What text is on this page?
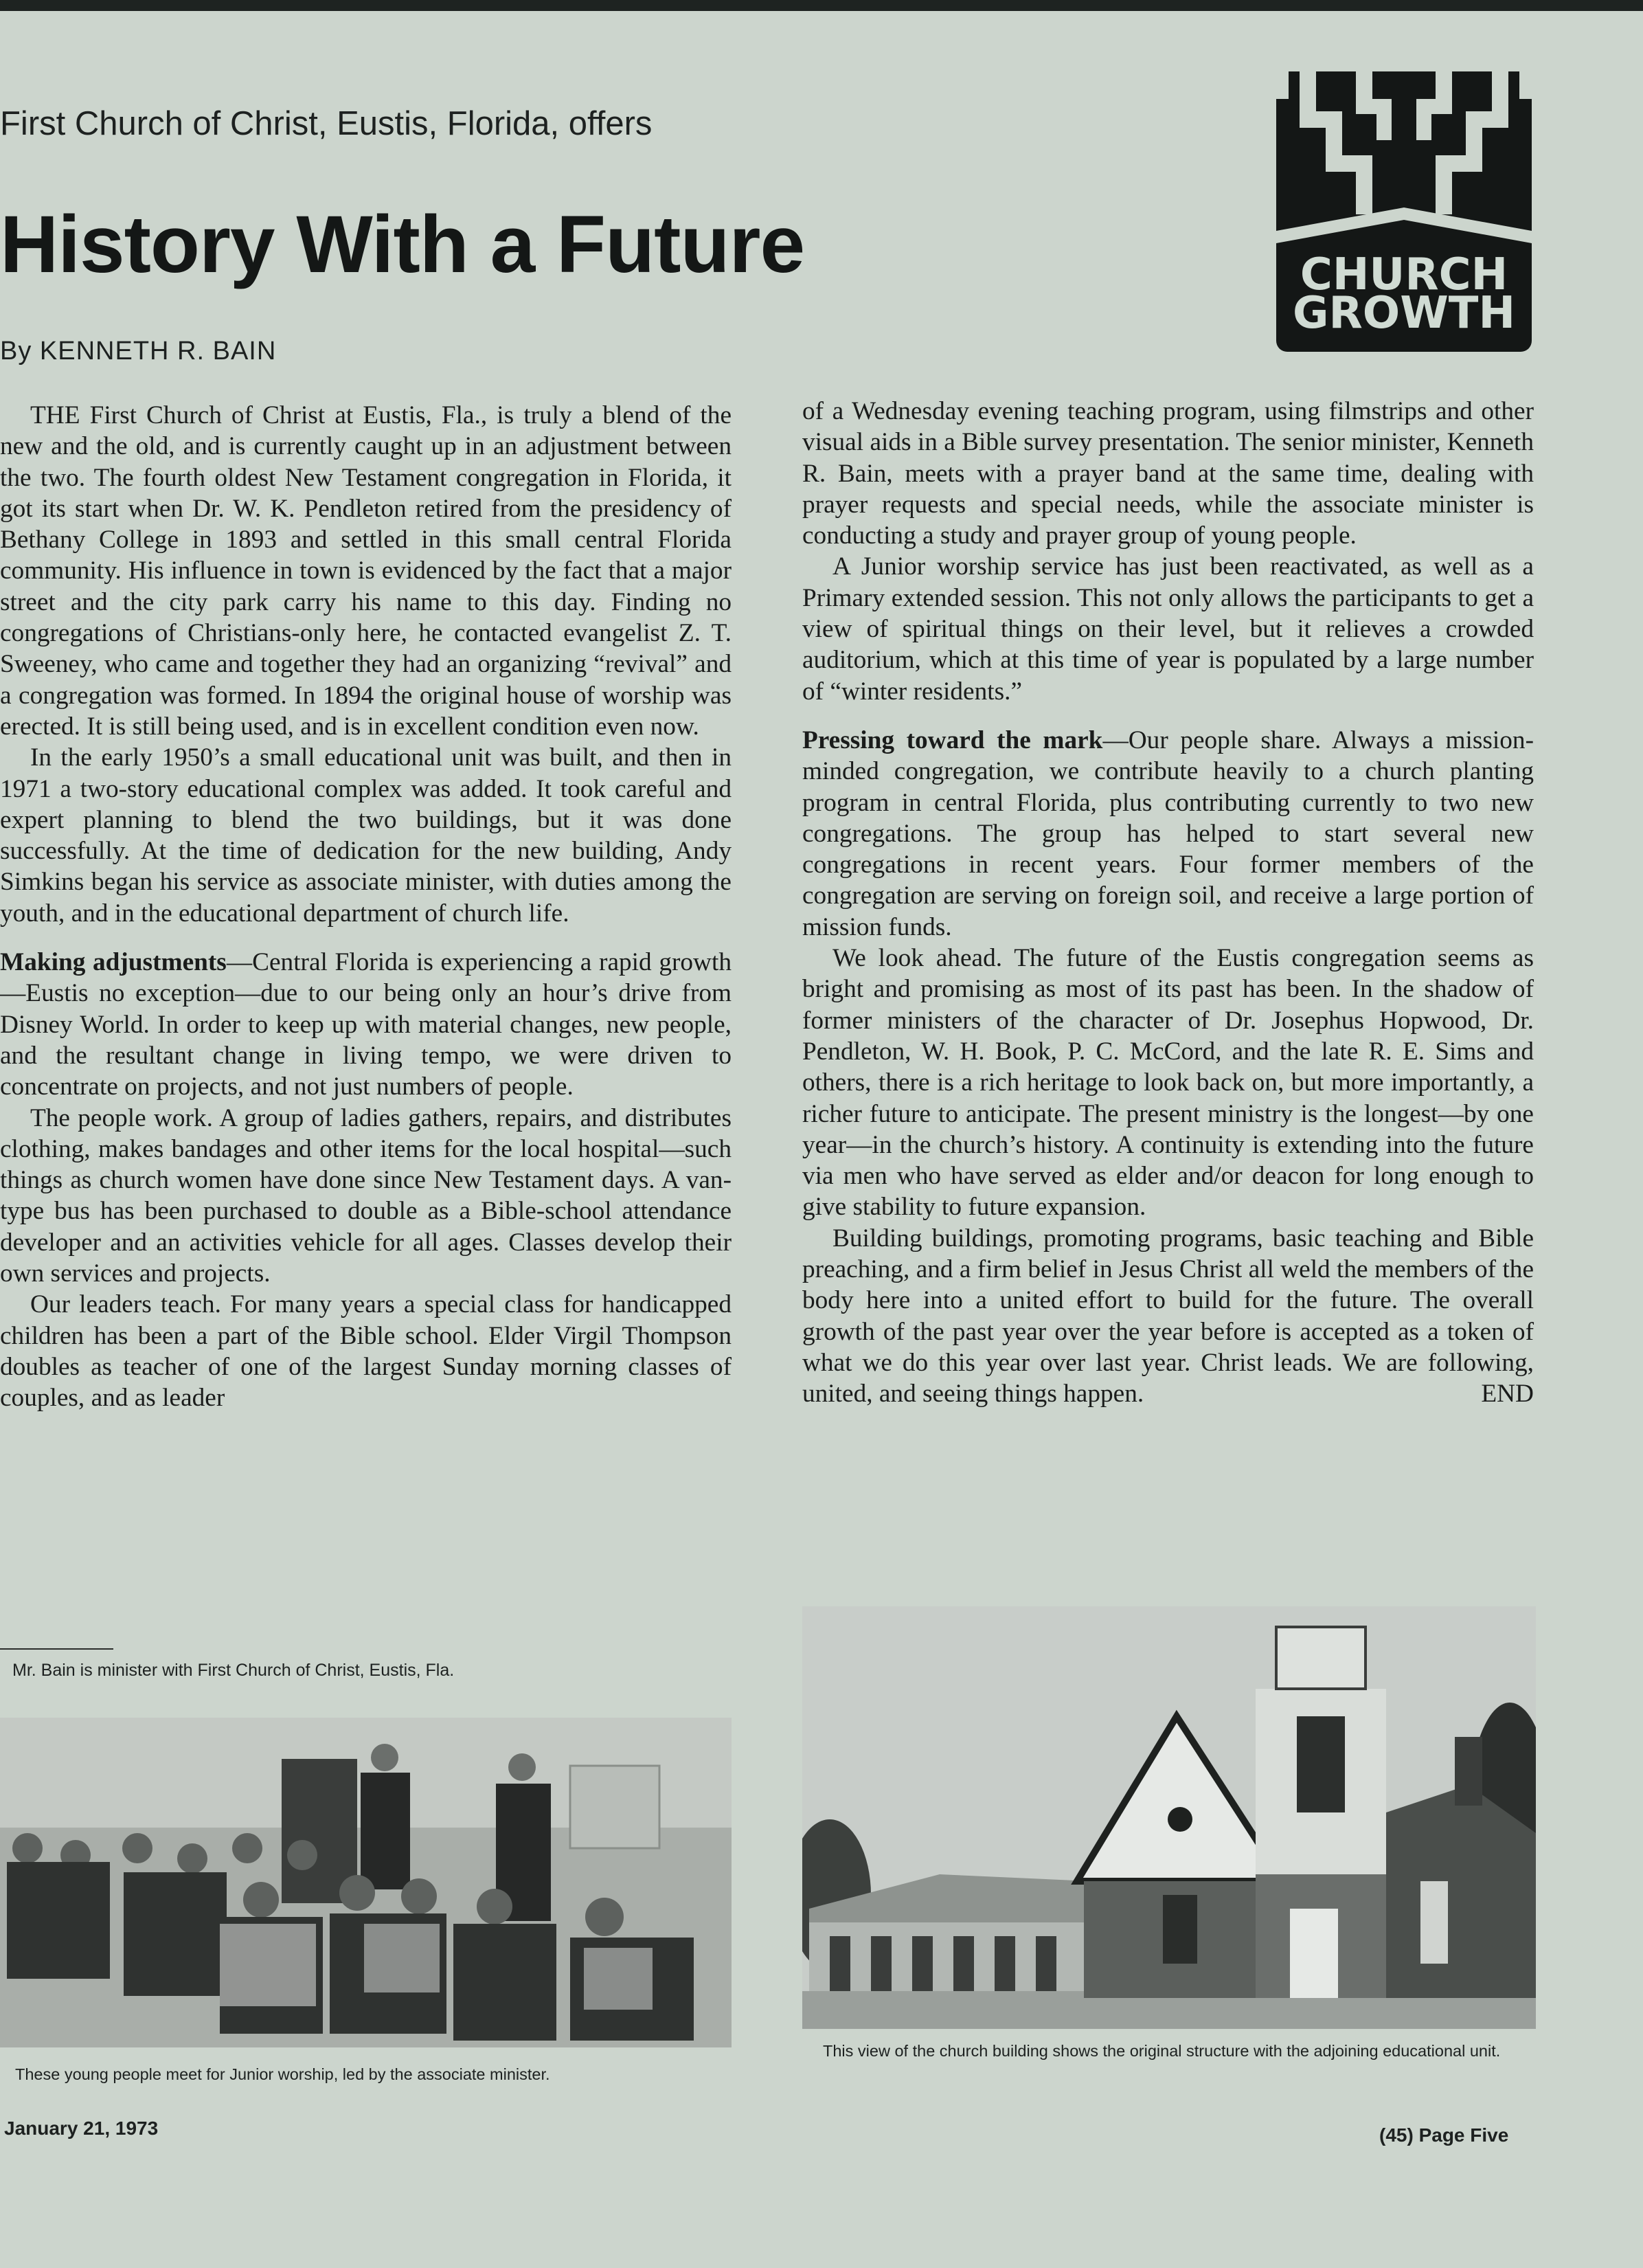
First Church of Christ, Eustis, Florida, offers
History With a Future
By KENNETH R. BAIN
CHURCH
GROWTH

THE First Church of Christ at Eustis, Fla., is truly a blend of the new and the old, and is currently caught up in an adjustment between the two. The fourth oldest New Testament congregation in Florida, it got its start when Dr. W. K. Pendleton retired from the presidency of Bethany College in 1893 and settled in this small central Florida community. His influence in town is evidenced by the fact that a major street and the city park carry his name to this day. Finding no congregations of Christians-only here, he contacted evangelist Z. T. Sweeney, who came and together they had an organizing “revival” and a congregation was formed. In 1894 the original house of worship was erected. It is still being used, and is in excellent condition even now.

In the early 1950’s a small educational unit was built, and then in 1971 a two-story educational complex was added. It took careful and expert planning to blend the two buildings, but it was done successfully. At the time of dedication for the new building, Andy Simkins began his service as associate minister, with duties among the youth, and in the educational department of church life.

Making adjustments—Central Florida is experiencing a rapid growth—Eustis no exception—due to our being only an hour’s drive from Disney World. In order to keep up with material changes, new people, and the resultant change in living tempo, we were driven to concentrate on projects, and not just numbers of people.

The people work. A group of ladies gathers, repairs, and distributes clothing, makes bandages and other items for the local hospital—such things as church women have done since New Testament days. A van-type bus has been purchased to double as a Bible-school attendance developer and an activities vehicle for all ages. Classes develop their own services and projects.

Our leaders teach. For many years a special class for handicapped children has been a part of the Bible school. Elder Virgil Thompson doubles as teacher of one of the largest Sunday morning classes of couples, and as leader

of a Wednesday evening teaching program, using filmstrips and other visual aids in a Bible survey presentation. The senior minister, Kenneth R. Bain, meets with a prayer band at the same time, dealing with prayer requests and special needs, while the associate minister is conducting a study and prayer group of young people.

A Junior worship service has just been reactivated, as well as a Primary extended session. This not only allows the participants to get a view of spiritual things on their level, but it relieves a crowded auditorium, which at this time of year is populated by a large number of “winter residents.”

Pressing toward the mark—Our people share. Always a mission-minded congregation, we contribute heavily to a church planting program in central Florida, plus contributing currently to two new congregations. The group has helped to start several new congregations in recent years. Four former members of the congregation are serving on foreign soil, and receive a large portion of mission funds.

We look ahead. The future of the Eustis congregation seems as bright and promising as most of its past has been. In the shadow of former ministers of the character of Dr. Josephus Hopwood, Dr. Pendleton, W. H. Book, P. C. McCord, and the late R. E. Sims and others, there is a rich heritage to look back on, but more importantly, a richer future to anticipate. The present ministry is the longest—by one year—in the church’s history. A continuity is extending into the future via men who have served as elder and/or deacon for long enough to give stability to future expansion.

Building buildings, promoting programs, basic teaching and Bible preaching, and a firm belief in Jesus Christ all weld the members of the body here into a united effort to build for the future. The overall growth of the past year over the year before is accepted as a token of what we do this year over last year. Christ leads. We are following, united, and seeing things happen.	END

Mr. Bain is minister with First Church of Christ, Eustis, Fla.
These young people meet for Junior worship, led by the associate minister.
This view of the church building shows the original structure with the adjoining educational unit.
January 21, 1973	(45) Page Five
